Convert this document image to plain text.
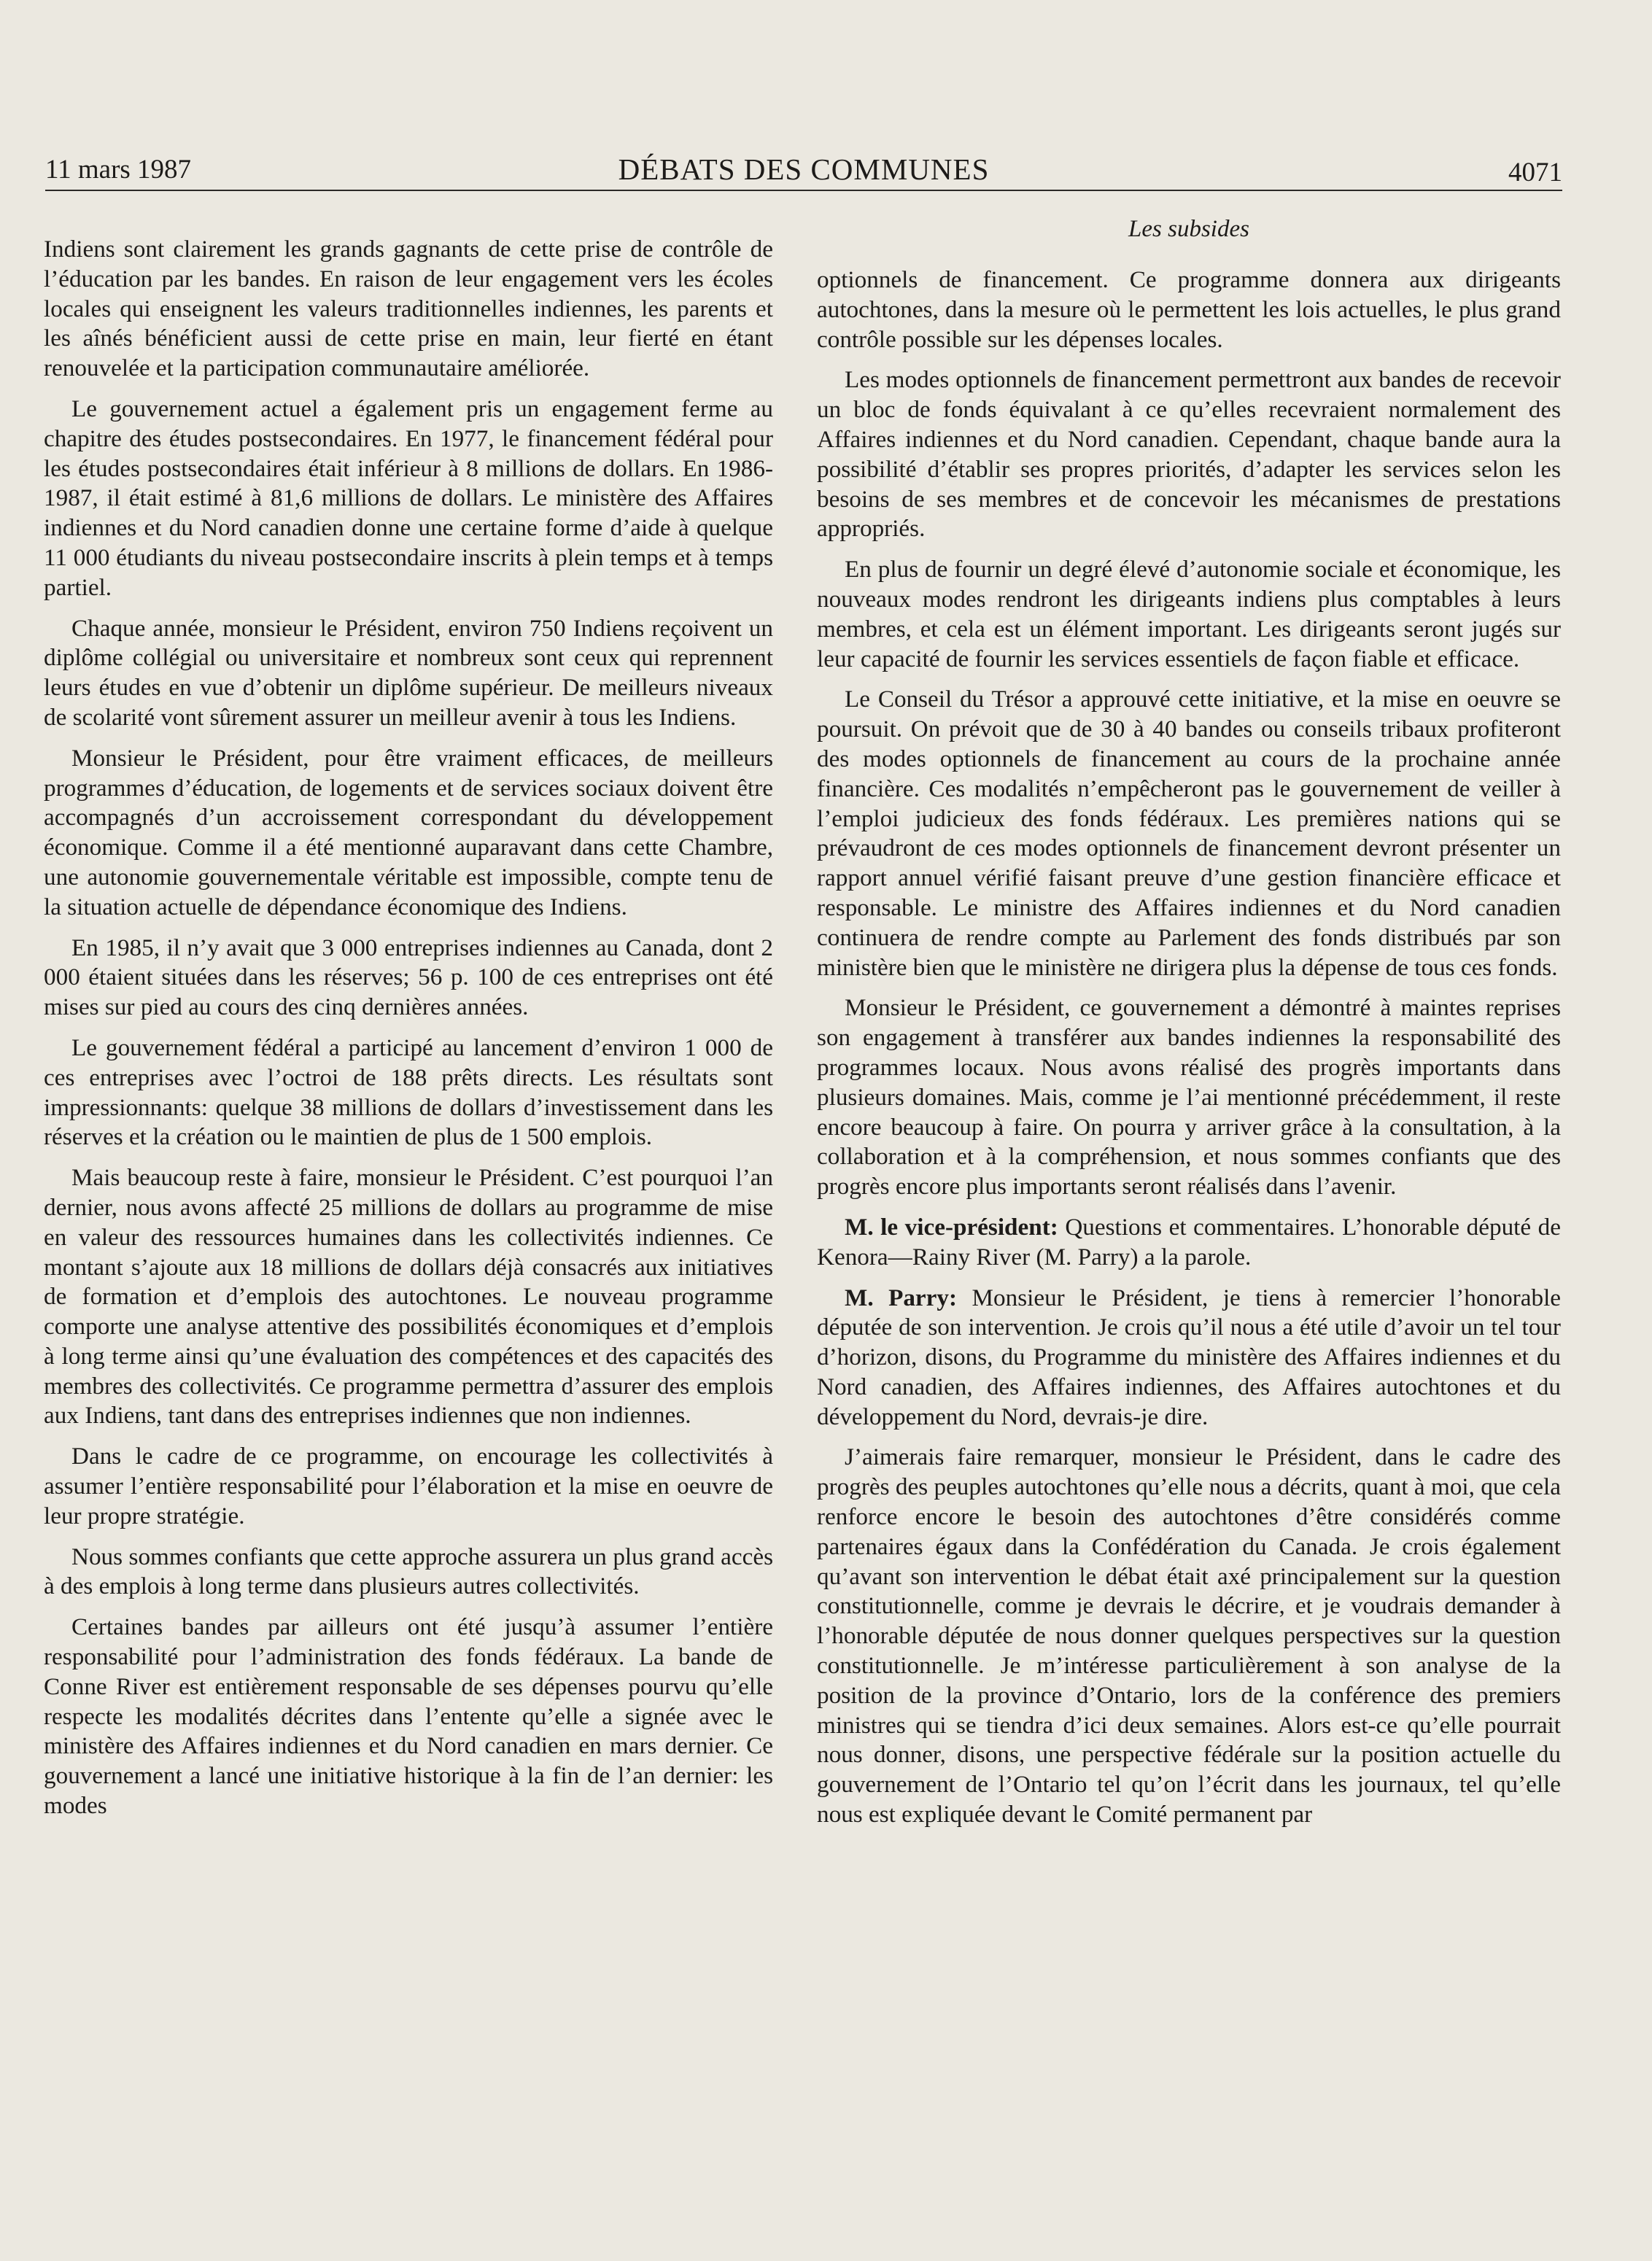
11 mars 1987	DÉBATS DES COMMUNES	4071
Les subsides

Indiens sont clairement les grands gagnants de cette prise de contrôle de l’éducation par les bandes. En raison de leur engagement vers les écoles locales qui enseignent les valeurs traditionnelles indiennes, les parents et les aînés bénéficient aussi de cette prise en main, leur fierté en étant renouvelée et la participation communautaire améliorée.

Le gouvernement actuel a également pris un engagement ferme au chapitre des études postsecondaires. En 1977, le financement fédéral pour les études postsecondaires était inférieur à 8 millions de dollars. En 1986-1987, il était estimé à 81,6 millions de dollars. Le ministère des Affaires indiennes et du Nord canadien donne une certaine forme d’aide à quelque 11 000 étudiants du niveau postsecondaire inscrits à plein temps et à temps partiel.

Chaque année, monsieur le Président, environ 750 Indiens reçoivent un diplôme collégial ou universitaire et nombreux sont ceux qui reprennent leurs études en vue d’obtenir un diplôme supérieur. De meilleurs niveaux de scolarité vont sûrement assurer un meilleur avenir à tous les Indiens.

Monsieur le Président, pour être vraiment efficaces, de meilleurs programmes d’éducation, de logements et de services sociaux doivent être accompagnés d’un accroissement correspondant du développement économique. Comme il a été mentionné auparavant dans cette Chambre, une autonomie gouvernementale véritable est impossible, compte tenu de la situation actuelle de dépendance économique des Indiens.

En 1985, il n’y avait que 3 000 entreprises indiennes au Canada, dont 2 000 étaient situées dans les réserves; 56 p. 100 de ces entreprises ont été mises sur pied au cours des cinq dernières années.

Le gouvernement fédéral a participé au lancement d’environ 1 000 de ces entreprises avec l’octroi de 188 prêts directs. Les résultats sont impressionnants: quelque 38 millions de dollars d’investissement dans les réserves et la création ou le maintien de plus de 1 500 emplois.

Mais beaucoup reste à faire, monsieur le Président. C’est pourquoi l’an dernier, nous avons affecté 25 millions de dollars au programme de mise en valeur des ressources humaines dans les collectivités indiennes. Ce montant s’ajoute aux 18 millions de dollars déjà consacrés aux initiatives de formation et d’emplois des autochtones. Le nouveau programme comporte une analyse attentive des possibilités économiques et d’emplois à long terme ainsi qu’une évaluation des compétences et des capacités des membres des collectivités. Ce programme permettra d’assurer des emplois aux Indiens, tant dans des entreprises indiennes que non indiennes.

Dans le cadre de ce programme, on encourage les collectivités à assumer l’entière responsabilité pour l’élaboration et la mise en oeuvre de leur propre stratégie.

Nous sommes confiants que cette approche assurera un plus grand accès à des emplois à long terme dans plusieurs autres collectivités.

Certaines bandes par ailleurs ont été jusqu’à assumer l’entière responsabilité pour l’administration des fonds fédéraux. La bande de Conne River est entièrement responsable de ses dépenses pourvu qu’elle respecte les modalités décrites dans l’entente qu’elle a signée avec le ministère des Affaires indiennes et du Nord canadien en mars dernier. Ce gouvernement a lancé une initiative historique à la fin de l’an dernier: les modes

optionnels de financement. Ce programme donnera aux dirigeants autochtones, dans la mesure où le permettent les lois actuelles, le plus grand contrôle possible sur les dépenses locales.

Les modes optionnels de financement permettront aux bandes de recevoir un bloc de fonds équivalant à ce qu’elles recevraient normalement des Affaires indiennes et du Nord canadien. Cependant, chaque bande aura la possibilité d’établir ses propres priorités, d’adapter les services selon les besoins de ses membres et de concevoir les mécanismes de prestations appropriés.

En plus de fournir un degré élevé d’autonomie sociale et économique, les nouveaux modes rendront les dirigeants indiens plus comptables à leurs membres, et cela est un élément important. Les dirigeants seront jugés sur leur capacité de fournir les services essentiels de façon fiable et efficace.

Le Conseil du Trésor a approuvé cette initiative, et la mise en oeuvre se poursuit. On prévoit que de 30 à 40 bandes ou conseils tribaux profiteront des modes optionnels de financement au cours de la prochaine année financière. Ces modalités n’empêcheront pas le gouvernement de veiller à l’emploi judicieux des fonds fédéraux. Les premières nations qui se prévaudront de ces modes optionnels de financement devront présenter un rapport annuel vérifié faisant preuve d’une gestion financière efficace et responsable. Le ministre des Affaires indiennes et du Nord canadien continuera de rendre compte au Parlement des fonds distribués par son ministère bien que le ministère ne dirigera plus la dépense de tous ces fonds.

Monsieur le Président, ce gouvernement a démontré à maintes reprises son engagement à transférer aux bandes indiennes la responsabilité des programmes locaux. Nous avons réalisé des progrès importants dans plusieurs domaines. Mais, comme je l’ai mentionné précédemment, il reste encore beaucoup à faire. On pourra y arriver grâce à la consultation, à la collaboration et à la compréhension, et nous sommes confiants que des progrès encore plus importants seront réalisés dans l’avenir.

M. le vice-président: Questions et commentaires. L’honorable député de Kenora—Rainy River (M. Parry) a la parole.

M. Parry: Monsieur le Président, je tiens à remercier l’honorable députée de son intervention. Je crois qu’il nous a été utile d’avoir un tel tour d’horizon, disons, du Programme du ministère des Affaires indiennes et du Nord canadien, des Affaires indiennes, des Affaires autochtones et du développement du Nord, devrais-je dire.

J’aimerais faire remarquer, monsieur le Président, dans le cadre des progrès des peuples autochtones qu’elle nous a décrits, quant à moi, que cela renforce encore le besoin des autochtones d’être considérés comme partenaires égaux dans la Confédération du Canada. Je crois également qu’avant son intervention le débat était axé principalement sur la question constitutionnelle, comme je devrais le décrire, et je voudrais demander à l’honorable députée de nous donner quelques perspectives sur la question constitutionnelle. Je m’intéresse particulièrement à son analyse de la position de la province d’Ontario, lors de la conférence des premiers ministres qui se tiendra d’ici deux semaines. Alors est-ce qu’elle pourrait nous donner, disons, une perspective fédérale sur la position actuelle du gouvernement de l’Ontario tel qu’on l’écrit dans les journaux, tel qu’elle nous est expliquée devant le Comité permanent par
